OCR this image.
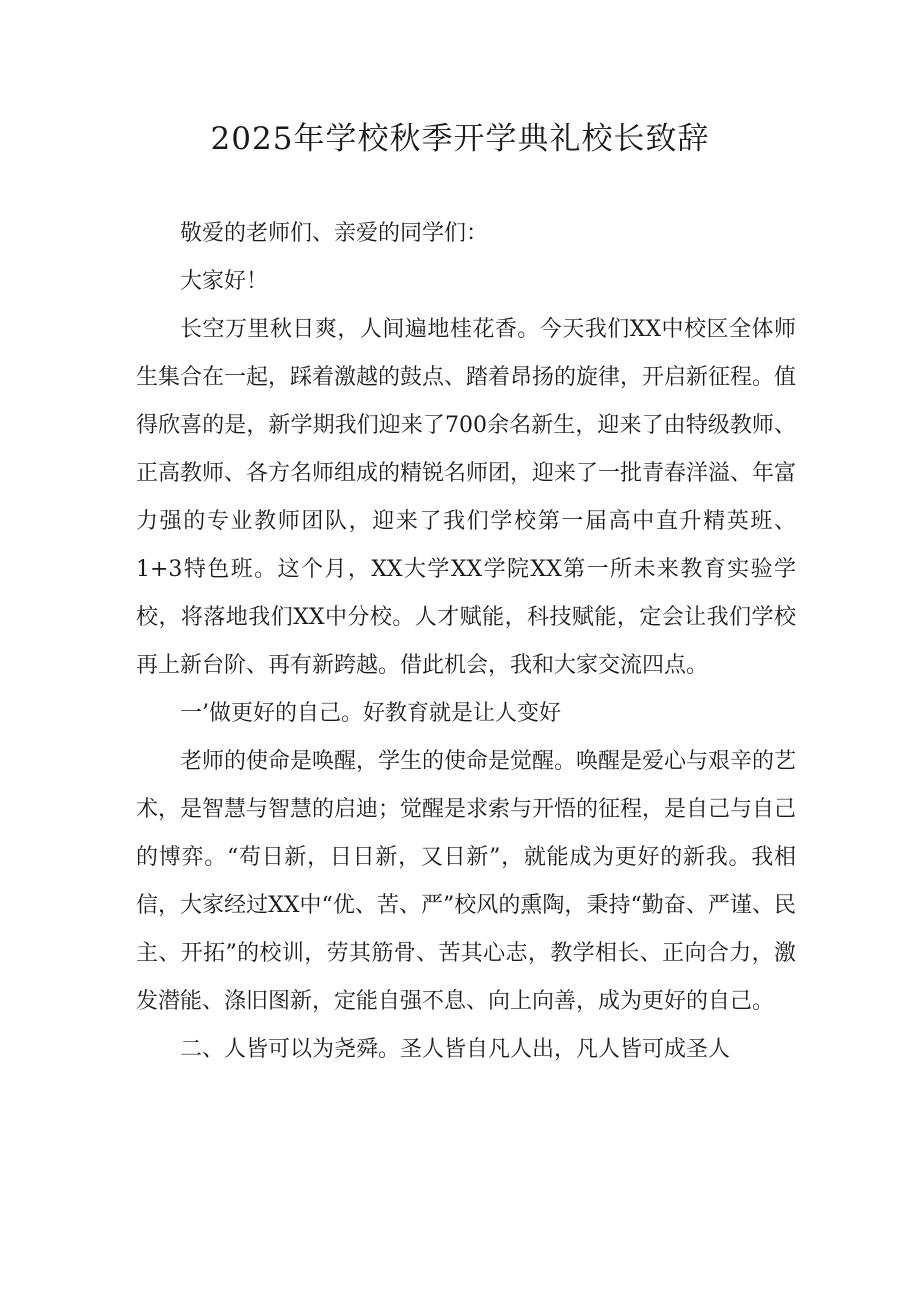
2025年学校秋季开学典礼校长致辞

敬爱的老师们、亲爱的同学们：

大家好！

长空万里秋日爽，人间遍地桂花香。今天我们XX中校区全体师生集合在一起，踩着激越的鼓点、踏着昂扬的旋律，开启新征程。值得欣喜的是，新学期我们迎来了700余名新生，迎来了由特级教师、正高教师、各方名师组成的精锐名师团，迎来了一批青春洋溢、年富力强的专业教师团队，迎来了我们学校第一届高中直升精英班、1+3特色班。这个月，XX大学XX学院XX第一所未来教育实验学校，将落地我们XX中分校。人才赋能，科技赋能，定会让我们学校再上新台阶、再有新跨越。借此机会，我和大家交流四点。

一’做更好的自己。好教育就是让人变好

老师的使命是唤醒，学生的使命是觉醒。唤醒是爱心与艰辛的艺术，是智慧与智慧的启迪；觉醒是求索与开悟的征程，是自己与自己的博弈。“苟日新，日日新，又日新”，就能成为更好的新我。我相信，大家经过XX中“优、苦、严”校风的熏陶，秉持“勤奋、严谨、民主、开拓”的校训，劳其筋骨、苦其心志，教学相长、正向合力，激发潜能、涤旧图新，定能自强不息、向上向善，成为更好的自己。

二、人皆可以为尧舜。圣人皆自凡人出，凡人皆可成圣人
